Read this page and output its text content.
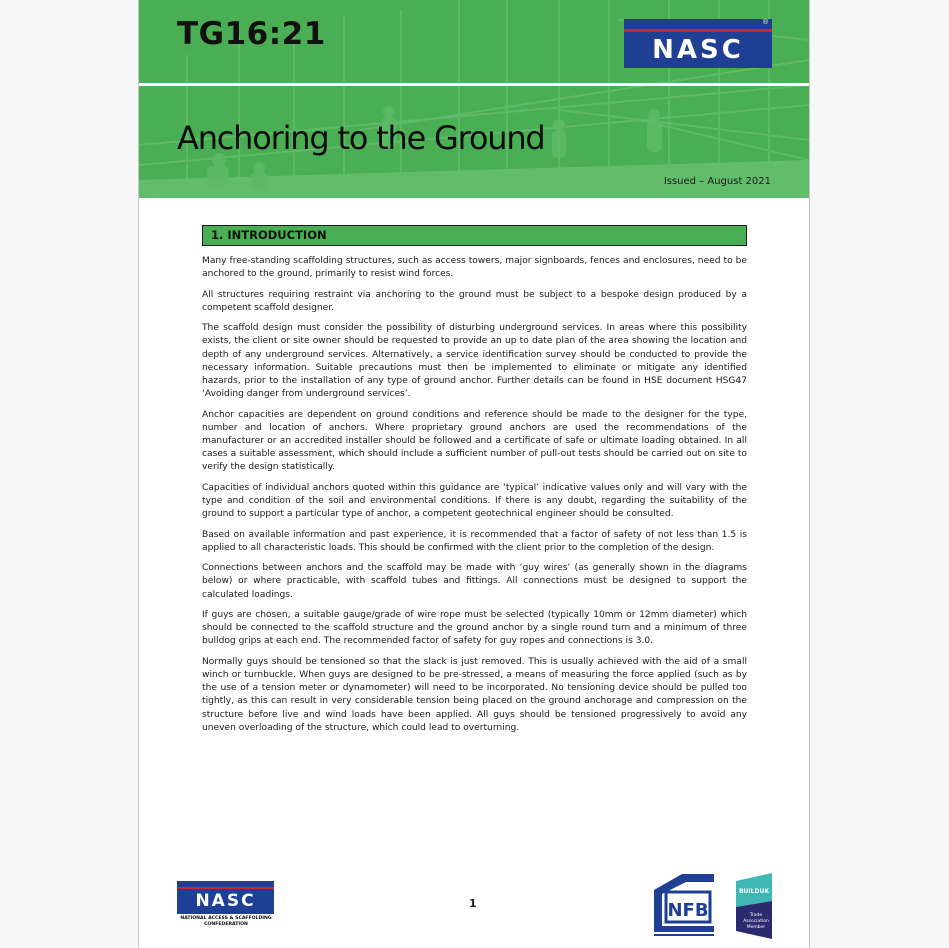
TG16:21	®
NASC
Anchoring to the Ground
Issued – August 2021
1. INTRODUCTION

Many free-standing scaffolding structures, such as access towers, major signboards, fences and enclosures, need to be anchored to the ground, primarily to resist wind forces.

All structures requiring restraint via anchoring to the ground must be subject to a bespoke design produced by a competent scaffold designer.

The scaffold design must consider the possibility of disturbing underground services. In areas where this possibility exists, the client or site owner should be requested to provide an up to date plan of the area showing the location and depth of any underground services. Alternatively, a service identification survey should be conducted to provide the necessary information. Suitable precautions must then be implemented to eliminate or mitigate any identified hazards, prior to the installation of any type of ground anchor. Further details can be found in HSE document HSG47 ‘Avoiding danger from underground services’.

Anchor capacities are dependent on ground conditions and reference should be made to the designer for the type, number and location of anchors. Where proprietary ground anchors are used the recommendations of the manufacturer or an accredited installer should be followed and a certificate of safe or ultimate loading obtained. In all cases a suitable assessment, which should include a sufficient number of pull-out tests should be carried out on site to verify the design statistically.

Capacities of individual anchors quoted within this guidance are ‘typical’ indicative values only and will vary with the type and condition of the soil and environmental conditions. If there is any doubt, regarding the suitability of the ground to support a particular type of anchor, a competent geotechnical engineer should be consulted.

Based on available information and past experience, it is recommended that a factor of safety of not less than 1.5 is applied to all characteristic loads. This should be confirmed with the client prior to the completion of the design.

Connections between anchors and the scaffold may be made with ‘guy wires’ (as generally shown in the diagrams below) or where practicable, with scaffold tubes and fittings. All connections must be designed to support the calculated loadings.

If guys are chosen, a suitable gauge/grade of wire rope must be selected (typically 10mm or 12mm diameter) which should be connected to the scaffold structure and the ground anchor by a single round turn and a minimum of three bulldog grips at each end. The recommended factor of safety for guy ropes and connections is 3.0.

Normally guys should be tensioned so that the slack is just removed. This is usually achieved with the aid of a small winch or turnbuckle. When guys are designed to be pre-stressed, a means of measuring the force applied (such as by the use of a tension meter or dynamometer) will need to be incorporated. No tensioning device should be pulled too tightly, as this can result in very considerable tension being placed on the ground anchorage and compression on the structure before live and wind loads have been applied. All guys should be tensioned progressively to avoid any uneven overloading of the structure, which could lead to overturning.

NASC
NATIONAL ACCESS & SCAFFOLDING
CONFEDERATION
1	NFB
BUILDUK
Trade
Association
Member
